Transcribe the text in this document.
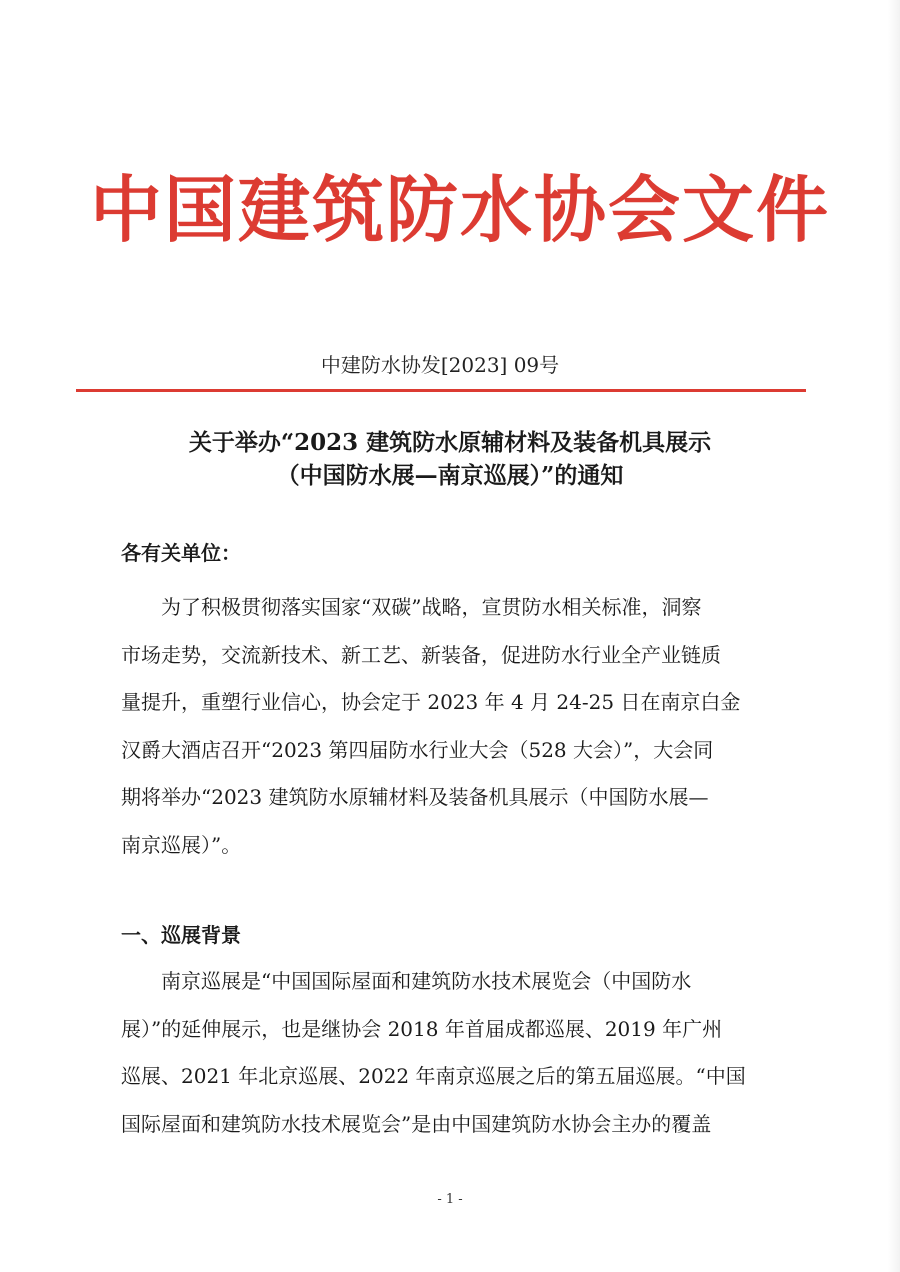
中国建筑防水协会文件
中建防水协发[2023] 09号
关于举办“2023 建筑防水原辅材料及装备机具展示
（中国防水展—南京巡展）”的通知
各有关单位：
为了积极贯彻落实国家“双碳”战略，宣贯防水相关标准，洞察
市场走势，交流新技术、新工艺、新装备，促进防水行业全产业链质
量提升，重塑行业信心，协会定于 2023 年 4 月 24-25 日在南京白金
汉爵大酒店召开“2023 第四届防水行业大会（528 大会）”，大会同
期将举办“2023 建筑防水原辅材料及装备机具展示（中国防水展—
南京巡展）”。
一、巡展背景
南京巡展是“中国国际屋面和建筑防水技术展览会（中国防水
展）”的延伸展示，也是继协会 2018 年首届成都巡展、2019 年广州
巡展、2021 年北京巡展、2022 年南京巡展之后的第五届巡展。“中国
国际屋面和建筑防水技术展览会”是由中国建筑防水协会主办的覆盖
- 1 -
